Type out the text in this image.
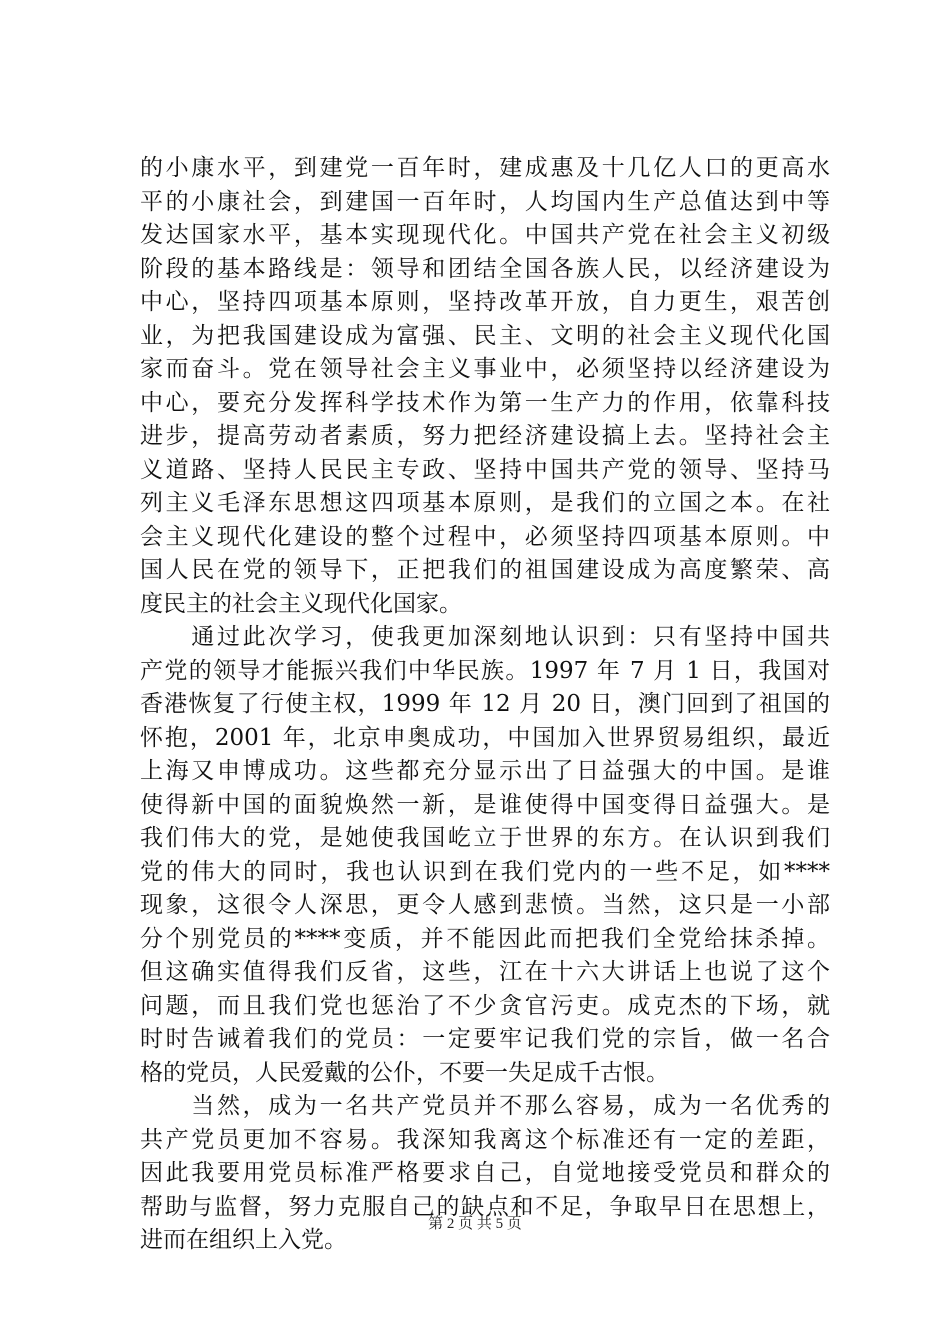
的小康水平，到建党一百年时，建成惠及十几亿人口的更高水
平的小康社会，到建国一百年时，人均国内生产总值达到中等
发达国家水平，基本实现现代化。中国共产党在社会主义初级
阶段的基本路线是：领导和团结全国各族人民，以经济建设为
中心，坚持四项基本原则，坚持改革开放，自力更生，艰苦创
业，为把我国建设成为富强、民主、文明的社会主义现代化国
家而奋斗。党在领导社会主义事业中，必须坚持以经济建设为
中心，要充分发挥科学技术作为第一生产力的作用，依靠科技
进步，提高劳动者素质，努力把经济建设搞上去。坚持社会主
义道路、坚持人民民主专政、坚持中国共产党的领导、坚持马
列主义毛泽东思想这四项基本原则，是我们的立国之本。在社
会主义现代化建设的整个过程中，必须坚持四项基本原则。中
国人民在党的领导下，正把我们的祖国建设成为高度繁荣、高
度民主的社会主义现代化国家。
　　通过此次学习，使我更加深刻地认识到：只有坚持中国共
产党的领导才能振兴我们中华民族。1997 年 7 月 1 日，我国对
香港恢复了行使主权，1999 年 12 月 20 日，澳门回到了祖国的
怀抱，2001 年，北京申奥成功，中国加入世界贸易组织，最近
上海又申博成功。这些都充分显示出了日益强大的中国。是谁
使得新中国的面貌焕然一新，是谁使得中国变得日益强大。是
我们伟大的党，是她使我国屹立于世界的东方。在认识到我们
党的伟大的同时，我也认识到在我们党内的一些不足，如****
现象，这很令人深思，更令人感到悲愤。当然，这只是一小部
分个别党员的****变质，并不能因此而把我们全党给抹杀掉。
但这确实值得我们反省，这些，江在十六大讲话上也说了这个
问题，而且我们党也惩治了不少贪官污吏。成克杰的下场，就
时时告诫着我们的党员：一定要牢记我们党的宗旨，做一名合
格的党员，人民爱戴的公仆，不要一失足成千古恨。
　　当然，成为一名共产党员并不那么容易，成为一名优秀的
共产党员更加不容易。我深知我离这个标准还有一定的差距，
因此我要用党员标准严格要求自己，自觉地接受党员和群众的
帮助与监督，努力克服自己的缺点和不足，争取早日在思想上，
进而在组织上入党。
第 2 页 共 5 页
